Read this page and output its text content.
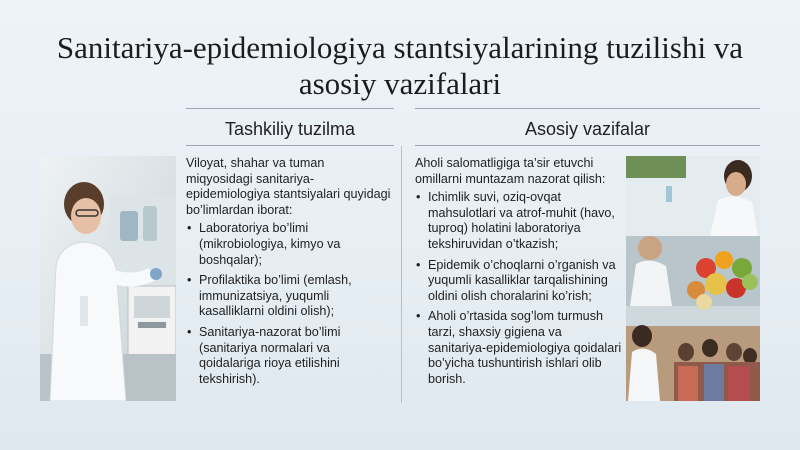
Sanitariya-epidemiologiya stantsiyalarining tuzilishi va
asosiy vazifalari
Tashkiliy tuzilma

Viloyat, shahar va tuman miqyosidagi sanitariya-epidemiologiya stantsiyalari quyidagi bo’limlardan iborat:

• Laboratoriya bo’limi (mikrobiologiya, kimyo va boshqalar);
• Profilaktika bo’limi (emlash, immunizatsiya, yuqumli kasalliklarni oldini olish);
• Sanitariya-nazorat bo’limi (sanitariya normalari va qoidalariga rioya etilishini tekshirish).
Asosiy vazifalar

Aholi salomatligiga ta’sir etuvchi omillarni muntazam nazorat qilish:

• Ichimlik suvi, oziq-ovqat mahsulotlari va atrof-muhit (havo, tuproq) holatini laboratoriya tekshiruvidan o’tkazish;
• Epidemik o’choqlarni o’rganish va yuqumli kasalliklar tarqalishining oldini olish choralarini ko’rish;
• Aholi o’rtasida sog’lom turmush tarzi, shaxsiy gigiena va sanitariya-epidemiologiya qoidalari bo’yicha tushuntirish ishlari olib borish.
